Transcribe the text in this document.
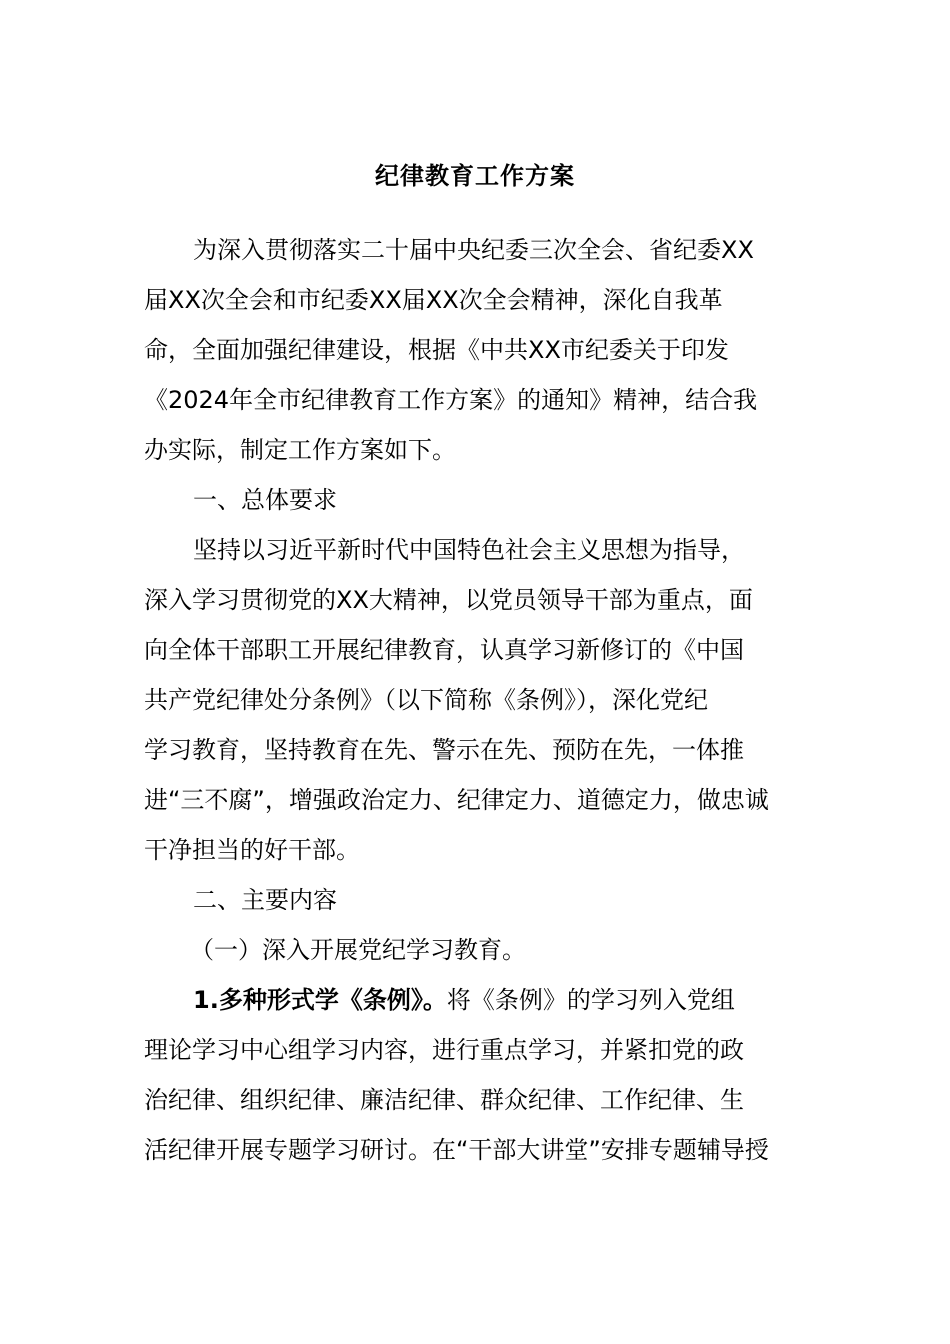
纪律教育工作方案
为深入贯彻落实二十届中央纪委三次全会、省纪委XX
届XX次全会和市纪委XX届XX次全会精神，深化自我革
命，全面加强纪律建设，根据《中共XX市纪委关于印发
《2024年全市纪律教育工作方案》的通知》精神，结合我
办实际，制定工作方案如下。
一、总体要求
坚持以习近平新时代中国特色社会主义思想为指导，
深入学习贯彻党的XX大精神，以党员领导干部为重点，面
向全体干部职工开展纪律教育，认真学习新修订的《中国
共产党纪律处分条例》（以下简称《条例》），深化党纪
学习教育，坚持教育在先、警示在先、预防在先，一体推
进“三不腐”，增强政治定力、纪律定力、道德定力，做忠诚
干净担当的好干部。
二、主要内容
（一）深入开展党纪学习教育。
1.多种形式学《条例》。将《条例》的学习列入党组
理论学习中心组学习内容，进行重点学习，并紧扣党的政
治纪律、组织纪律、廉洁纪律、群众纪律、工作纪律、生
活纪律开展专题学习研讨。在“干部大讲堂”安排专题辅导授
